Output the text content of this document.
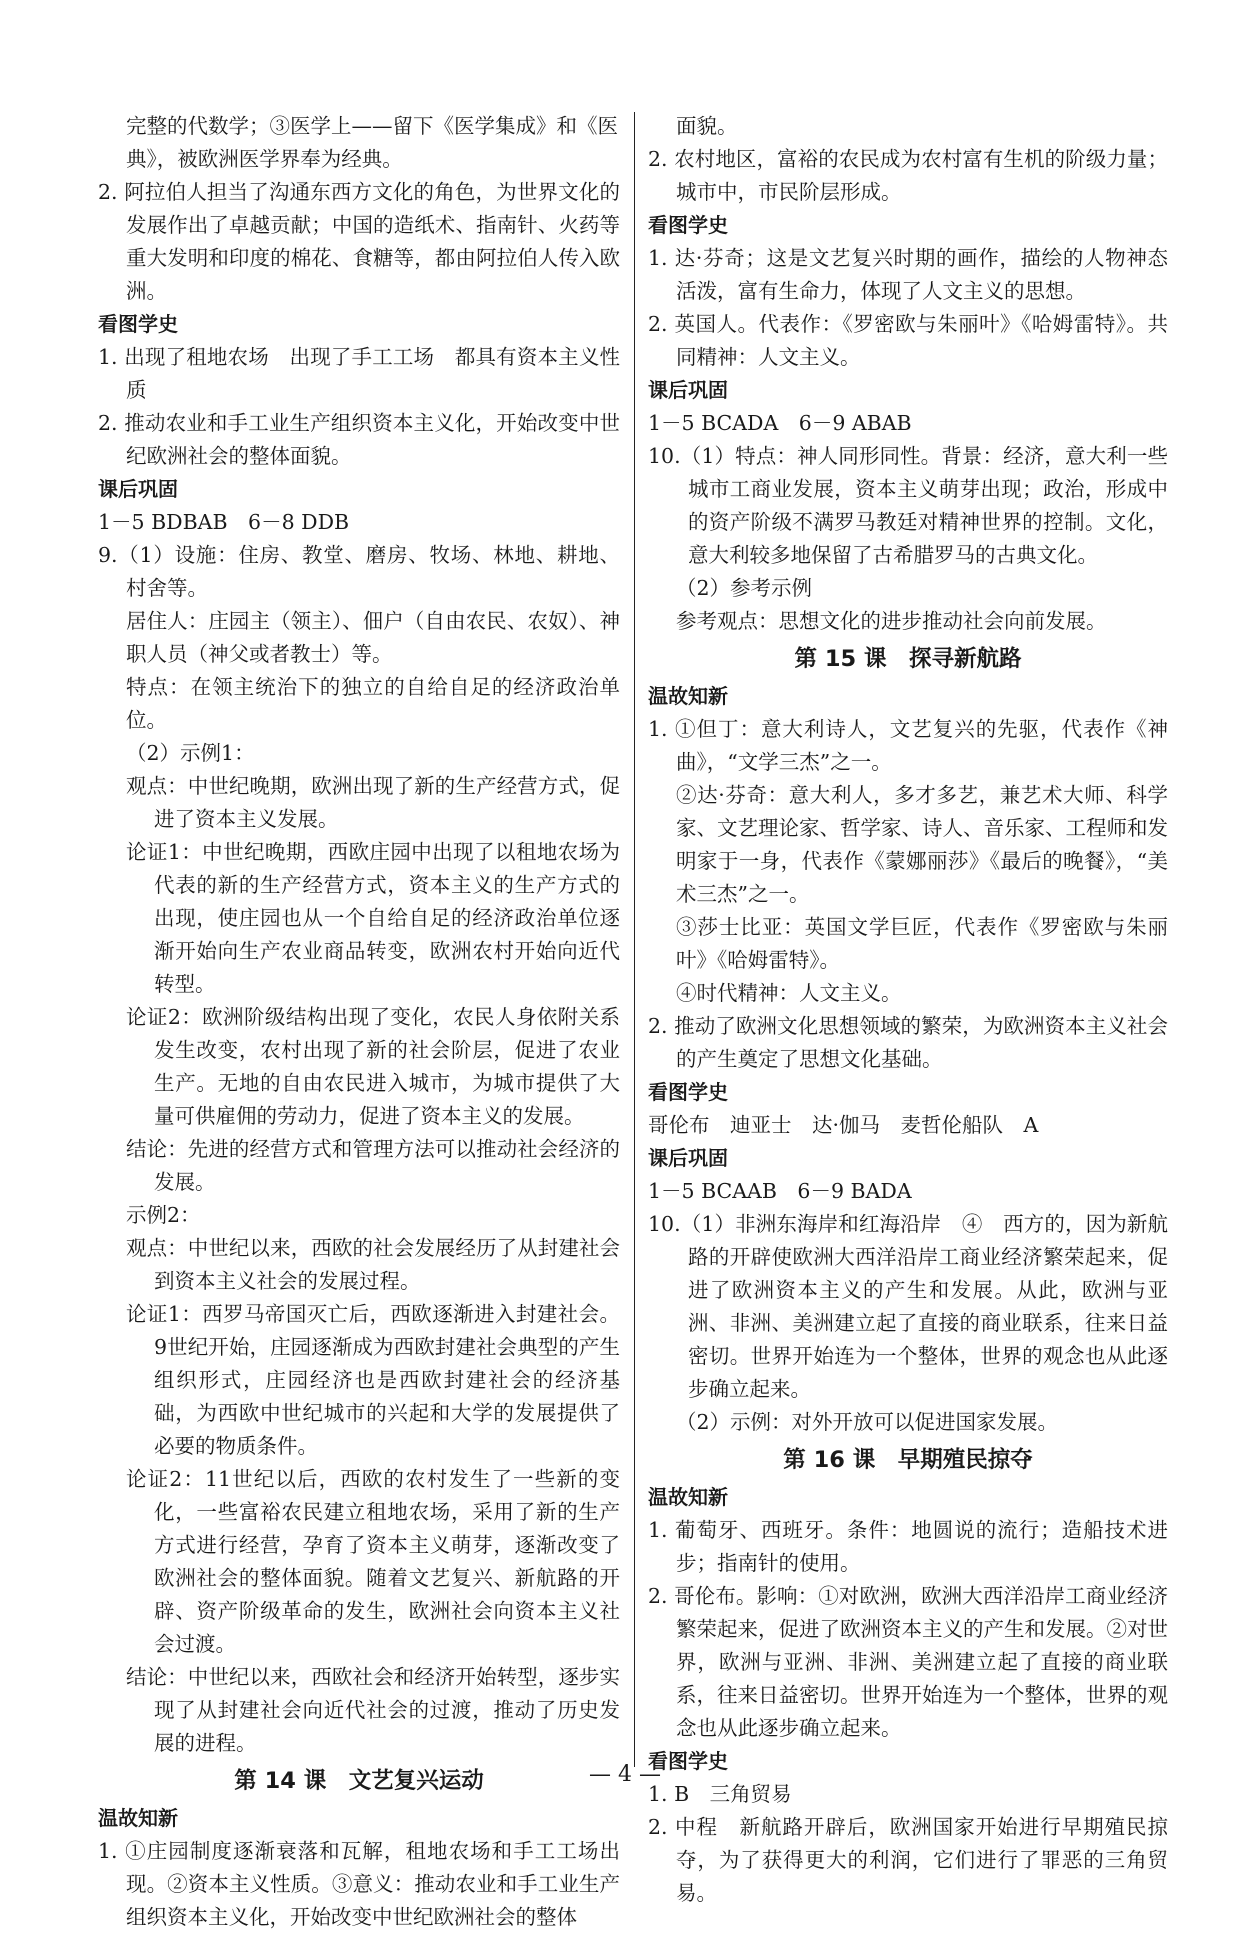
完整的代数学；③医学上——留下《医学集成》和《医

典》，被欧洲医学界奉为经典。

2. 阿拉伯人担当了沟通东西方文化的角色，为世界文化的发展作出了卓越贡献；中国的造纸术、指南针、火药等重大发明和印度的棉花、食糖等，都由阿拉伯人传入欧洲。

看图学史

1. 出现了租地农场　出现了手工工场　都具有资本主义性质

2. 推动农业和手工业生产组织资本主义化，开始改变中世纪欧洲社会的整体面貌。

课后巩固

1－5 BDBAB　6－8 DDB

9.（1）设施：住房、教堂、磨房、牧场、林地、耕地、村舍等。

居住人：庄园主（领主）、佃户（自由农民、农奴）、神职人员（神父或者教士）等。

特点：在领主统治下的独立的自给自足的经济政治单位。

（2）示例1：

观点：中世纪晚期，欧洲出现了新的生产经营方式，促进了资本主义发展。

论证1：中世纪晚期，西欧庄园中出现了以租地农场为代表的新的生产经营方式，资本主义的生产方式的出现，使庄园也从一个自给自足的经济政治单位逐渐开始向生产农业商品转变，欧洲农村开始向近代转型。

论证2：欧洲阶级结构出现了变化，农民人身依附关系发生改变，农村出现了新的社会阶层，促进了农业生产。无地的自由农民进入城市，为城市提供了大量可供雇佣的劳动力，促进了资本主义的发展。

结论：先进的经营方式和管理方法可以推动社会经济的发展。

示例2：

观点：中世纪以来，西欧的社会发展经历了从封建社会到资本主义社会的发展过程。

论证1：西罗马帝国灭亡后，西欧逐渐进入封建社会。9世纪开始，庄园逐渐成为西欧封建社会典型的产生组织形式，庄园经济也是西欧封建社会的经济基础，为西欧中世纪城市的兴起和大学的发展提供了必要的物质条件。

论证2：11世纪以后，西欧的农村发生了一些新的变化，一些富裕农民建立租地农场，采用了新的生产方式进行经营，孕育了资本主义萌芽，逐渐改变了欧洲社会的整体面貌。随着文艺复兴、新航路的开辟、资产阶级革命的发生，欧洲社会向资本主义社会过渡。

结论：中世纪以来，西欧社会和经济开始转型，逐步实现了从封建社会向近代社会的过渡，推动了历史发展的进程。

第 14 课　文艺复兴运动

温故知新

1. ①庄园制度逐渐衰落和瓦解，租地农场和手工工场出现。②资本主义性质。③意义：推动农业和手工业生产组织资本主义化，开始改变中世纪欧洲社会的整体

面貌。

2. 农村地区，富裕的农民成为农村富有生机的阶级力量；城市中，市民阶层形成。

看图学史

1. 达·芬奇；这是文艺复兴时期的画作，描绘的人物神态活泼，富有生命力，体现了人文主义的思想。

2. 英国人。代表作：《罗密欧与朱丽叶》《哈姆雷特》。共同精神：人文主义。

课后巩固

1－5 BCADA　6－9 ABAB

10.（1）特点：神人同形同性。背景：经济，意大利一些城市工商业发展，资本主义萌芽出现；政治，形成中的资产阶级不满罗马教廷对精神世界的控制。文化，意大利较多地保留了古希腊罗马的古典文化。

（2）参考示例

参考观点：思想文化的进步推动社会向前发展。

第 15 课　探寻新航路

温故知新

1. ①但丁：意大利诗人，文艺复兴的先驱，代表作《神曲》，“文学三杰”之一。

②达·芬奇：意大利人，多才多艺，兼艺术大师、科学家、文艺理论家、哲学家、诗人、音乐家、工程师和发明家于一身，代表作《蒙娜丽莎》《最后的晚餐》，“美术三杰”之一。

③莎士比亚：英国文学巨匠，代表作《罗密欧与朱丽叶》《哈姆雷特》。

④时代精神：人文主义。

2. 推动了欧洲文化思想领域的繁荣，为欧洲资本主义社会的产生奠定了思想文化基础。

看图学史

哥伦布　迪亚士　达·伽马　麦哲伦船队　A

课后巩固

1－5 BCAAB　6－9 BADA

10.（1）非洲东海岸和红海沿岸　④　西方的，因为新航路的开辟使欧洲大西洋沿岸工商业经济繁荣起来，促进了欧洲资本主义的产生和发展。从此，欧洲与亚洲、非洲、美洲建立起了直接的商业联系，往来日益密切。世界开始连为一个整体，世界的观念也从此逐步确立起来。

（2）示例：对外开放可以促进国家发展。

第 16 课　早期殖民掠夺

温故知新

1. 葡萄牙、西班牙。条件：地圆说的流行；造船技术进步；指南针的使用。

2. 哥伦布。影响：①对欧洲，欧洲大西洋沿岸工商业经济繁荣起来，促进了欧洲资本主义的产生和发展。②对世界，欧洲与亚洲、非洲、美洲建立起了直接的商业联系，往来日益密切。世界开始连为一个整体，世界的观念也从此逐步确立起来。

看图学史

1. B　三角贸易

2. 中程　新航路开辟后，欧洲国家开始进行早期殖民掠夺，为了获得更大的利润，它们进行了罪恶的三角贸易。

— 4 —
